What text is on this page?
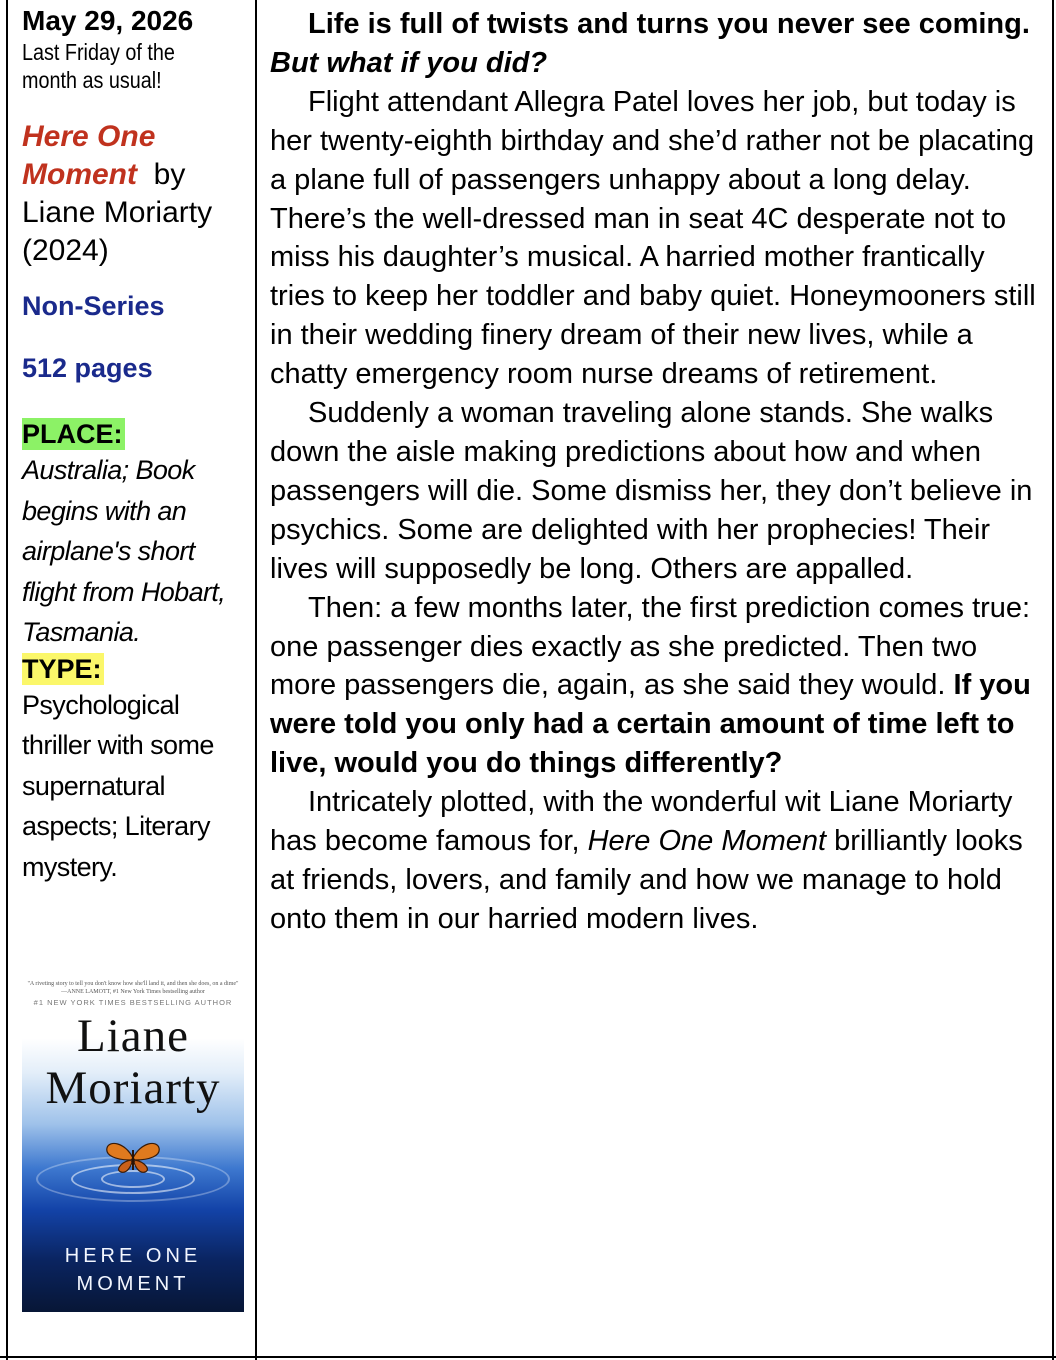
May 29, 2026
Last Friday of the
month as usual!
Here One
Moment by
Liane Moriarty
(2024)
Non-Series
512 pages
PLACE:
Australia; Book
begins with an
airplane's short
flight from Hobart,
Tasmania.
TYPE:
Psychological
thriller with some
supernatural
aspects; Literary
mystery.
"A riveting story to tell you don't know how she'll land it, and then she does, on a dime" —ANNE LAMOTT, #1 New York Times bestselling author
#1 NEW YORK TIMES BESTSELLING AUTHOR
Liane
Moriarty
HERE ONE
MOMENT

Life is full of twists and turns you never see coming. But what if you did?

Flight attendant Allegra Patel loves her job, but today is her twenty-eighth birthday and she’d rather not be placating a plane full of passengers unhappy about a long delay. There’s the well-dressed man in seat 4C desperate not to miss his daughter’s musical. A harried mother frantically tries to keep her toddler and baby quiet. Honeymooners still in their wedding finery dream of their new lives, while a chatty emergency room nurse dreams of retirement.

Suddenly a woman traveling alone stands. She walks down the aisle making predictions about how and when passengers will die. Some dismiss her, they don’t believe in psychics. Some are delighted with her prophecies! Their lives will supposedly be long. Others are appalled.

Then: a few months later, the first prediction comes true: one passenger dies exactly as she predicted. Then two more passengers die, again, as she said they would. If you were told you only had a certain amount of time left to live, would you do things differently?

Intricately plotted, with the wonderful wit Liane Moriarty has become famous for, Here One Moment brilliantly looks at friends, lovers, and family and how we manage to hold onto them in our harried modern lives.
